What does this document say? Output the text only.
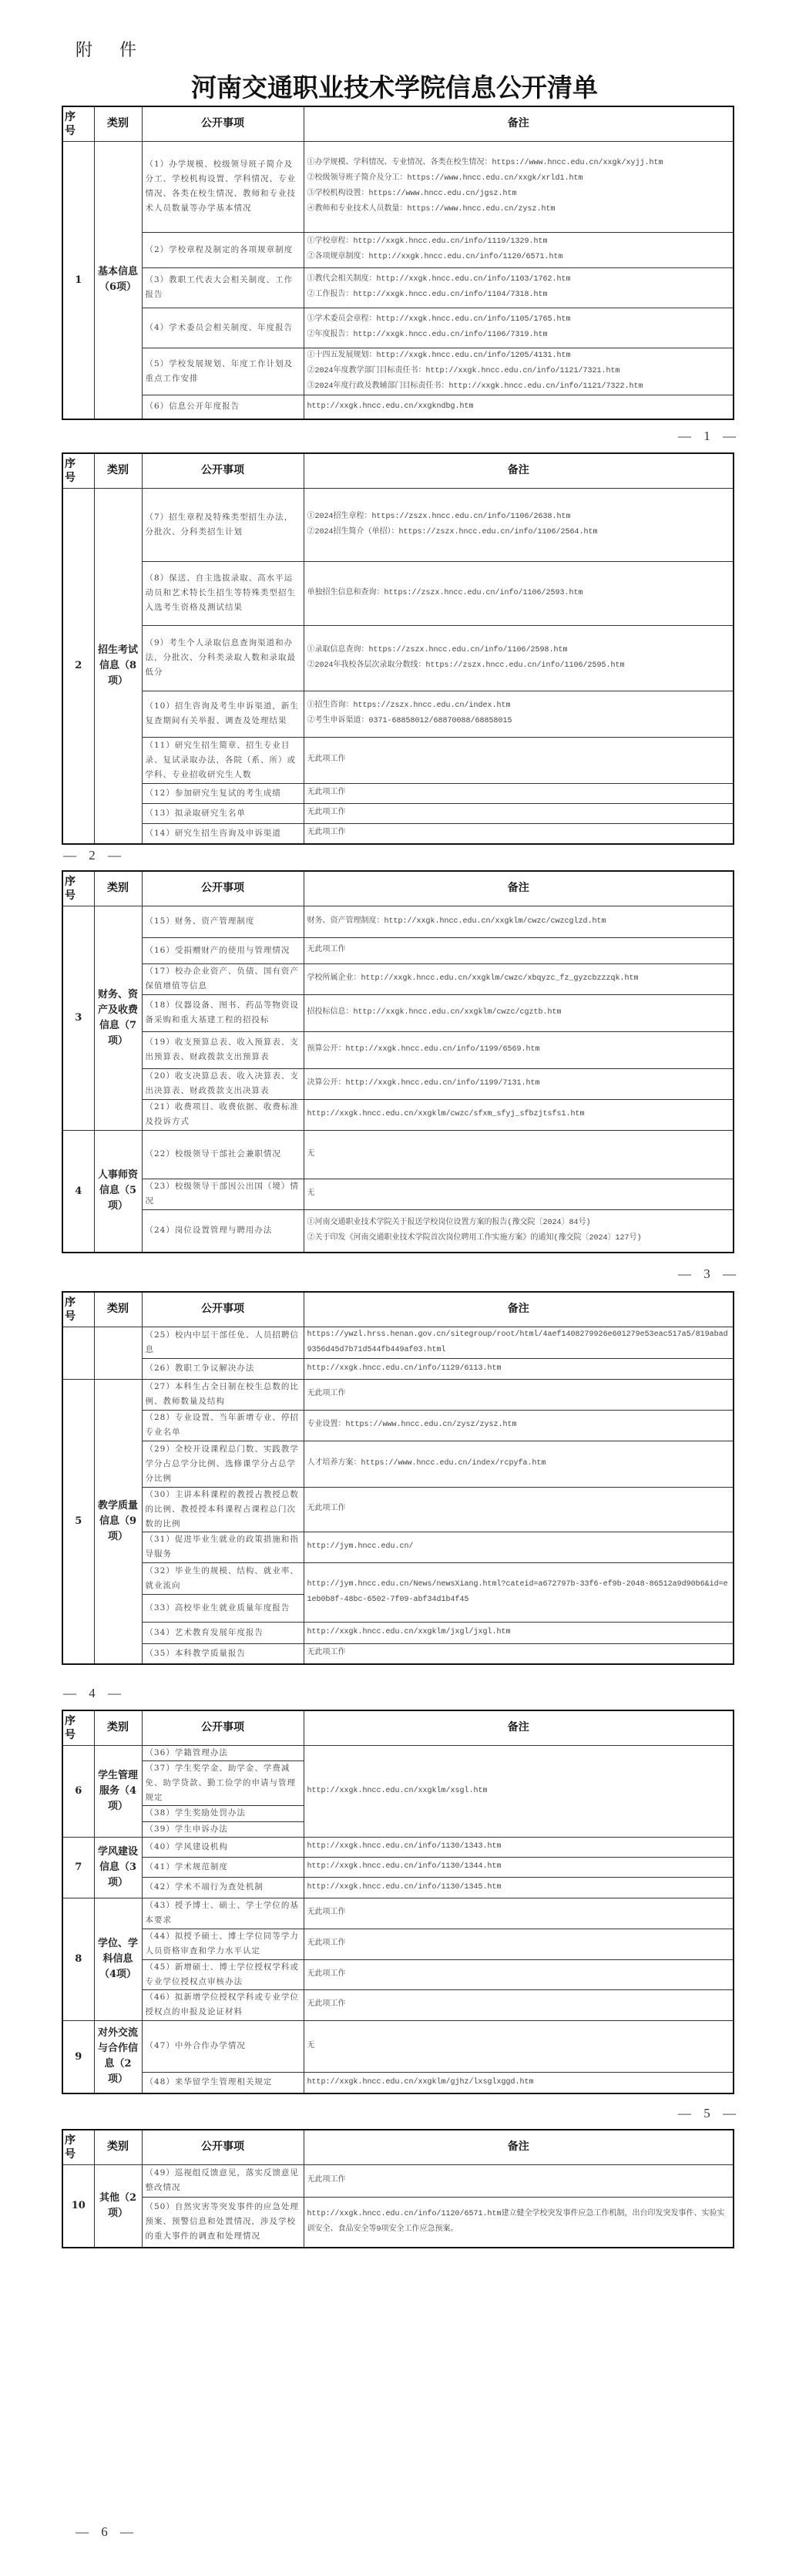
附 件
河南交通职业技术学院信息公开清单
序
号	类别	公开事项	备注
1	基本信息（6项）	（1）办学规模、校级领导班子简介及分工、学校机构设置、学科情况、专业情况、各类在校生情况、教师和专业技术人员数量等办学基本情况	①办学规模、学科情况、专业情况、各类在校生情况：https://www.hncc.edu.cn/xxgk/xyjj.htm
②校级领导班子简介及分工：https://www.hncc.edu.cn/xxgk/xrld1.htm
③学校机构设置：https://www.hncc.edu.cn/jgsz.htm
④教师和专业技术人员数量：https://www.hncc.edu.cn/zysz.htm

		（2）学校章程及制定的各项规章制度	①学校章程：http://xxgk.hncc.edu.cn/info/1119/1329.htm
②各项规章制度：http://xxgk.hncc.edu.cn/info/1120/6571.htm

		（3）教职工代表大会相关制度、工作报告	①教代会相关制度：http://xxgk.hncc.edu.cn/info/1103/1762.htm
②工作报告：http://xxgk.hncc.edu.cn/info/1104/7318.htm

		（4）学术委员会相关制度、年度报告	①学术委员会章程：http://xxgk.hncc.edu.cn/info/1105/1765.htm
②年度报告：http://xxgk.hncc.edu.cn/info/1106/7319.htm

		（5）学校发展规划、年度工作计划及重点工作安排	①十四五发展规划：http://xxgk.hncc.edu.cn/info/1205/4131.htm
②2024年度教学部门目标责任书：http://xxgk.hncc.edu.cn/info/1121/7321.htm
③2024年度行政及教辅部门目标责任书：http://xxgk.hncc.edu.cn/info/1121/7322.htm

		（6）信息公开年度报告	http://xxgk.hncc.edu.cn/xxgkndbg.htm
序
号	类别	公开事项	备注
2	招生考试信息（8项）	（7）招生章程及特殊类型招生办法，分批次、分科类招生计划	①2024招生章程：https://zszx.hncc.edu.cn/info/1106/2638.htm
②2024招生简介（单招）：https://zszx.hncc.edu.cn/info/1106/2564.htm

		（8）保送、自主选拔录取、高水平运动员和艺术特长生招生等特殊类型招生入选考生资格及测试结果	单独招生信息和查询：https://zszx.hncc.edu.cn/info/1106/2593.htm

		（9）考生个人录取信息查询渠道和办法，分批次、分科类录取人数和录取最低分	①录取信息查询：https://zszx.hncc.edu.cn/info/1106/2598.htm
②2024年我校各层次录取分数线：https://zszx.hncc.edu.cn/info/1106/2595.htm

		（10）招生咨询及考生申诉渠道，新生复查期间有关举报、调查及处理结果	①招生咨询：https://zszx.hncc.edu.cn/index.htm
②考生申诉渠道：0371-68858012/68870088/68858015

		（11）研究生招生简章、招生专业目录、复试录取办法，各院（系、所）或学科、专业招收研究生人数	无此项工作

		（12）参加研究生复试的考生成绩	无此项工作

		（13）拟录取研究生名单	无此项工作

		（14）研究生招生咨询及申诉渠道	无此项工作
序
号	类别	公开事项	备注
3	财务、资产及收费信息（7项）	（15）财务、资产管理制度	财务、资产管理制度：http://xxgk.hncc.edu.cn/xxgklm/cwzc/cwzcglzd.htm

		（16）受捐赠财产的使用与管理情况	无此项工作

		（17）校办企业资产、负债、国有资产保值增值等信息	学校所属企业：http://xxgk.hncc.edu.cn/xxgklm/cwzc/xbqyzc_fz_gyzcbzzzqk.htm

		（18）仪器设备、图书、药品等物资设备采购和重大基建工程的招投标	招投标信息：http://xxgk.hncc.edu.cn/xxgklm/cwzc/cgztb.htm

		（19）收支预算总表、收入预算表、支出预算表、财政拨款支出预算表	预算公开：http://xxgk.hncc.edu.cn/info/1199/6569.htm

		（20）收支决算总表、收入决算表、支出决算表、财政拨款支出决算表	决算公开：http://xxgk.hncc.edu.cn/info/1199/7131.htm

		（21）收费项目、收费依据、收费标准及投诉方式	http://xxgk.hncc.edu.cn/xxgklm/cwzc/sfxm_sfyj_sfbzjtsfs1.htm

4	人事师资信息（5项）	（22）校级领导干部社会兼职情况	无

		（23）校级领导干部因公出国（境）情况	无

		（24）岗位设置管理与聘用办法	①河南交通职业技术学院关于报送学校岗位设置方案的报告(豫交院〔2024〕84号)
②关于印发《河南交通职业技术学院首次岗位聘用工作实施方案》的通知(豫交院〔2024〕127号)
序
号	类别	公开事项	备注
		（25）校内中层干部任免、人员招聘信息	https://ywzl.hrss.henan.gov.cn/sitegroup/root/html/4aef1408279926e601279e53eac517a5/819abad9356d45d7b71d544fb449af03.html

		（26）教职工争议解决办法	http://xxgk.hncc.edu.cn/info/1129/6113.htm

5	教学质量信息（9项）	（27）本科生占全日制在校生总数的比例、教师数量及结构	无此项工作

		（28）专业设置、当年新增专业、停招专业名单	专业设置：https://www.hncc.edu.cn/zysz/zysz.htm

		（29）全校开设课程总门数、实践教学学分占总学分比例、选修课学分占总学分比例	人才培养方案：https://www.hncc.edu.cn/index/rcpyfa.htm

		（30）主讲本科课程的教授占教授总数的比例、教授授本科课程占课程总门次数的比例	无此项工作

		（31）促进毕业生就业的政策措施和指导服务	http://jym.hncc.edu.cn/

		（32）毕业生的规模、结构、就业率、就业流向	http://jym.hncc.edu.cn/News/newsXiang.html?cateid=a672797b-33f6-ef9b-2048-86512a9d90b6&id=e1eb0b8f-48bc-6502-7f09-abf34d1b4f45

		（33）高校毕业生就业质量年度报告	
		（34）艺术教育发展年度报告	http://xxgk.hncc.edu.cn/xxgklm/jxgl/jxgl.htm

		（35）本科教学质量报告	无此项工作
序
号	类别	公开事项	备注
6	学生管理服务（4项）	（36）学籍管理办法	http://xxgk.hncc.edu.cn/xxgklm/xsgl.htm

		（37）学生奖学金、助学金、学费减免、助学贷款、勤工俭学的申请与管理规定	
		（38）学生奖励处罚办法	
		（39）学生申诉办法	
7	学风建设信息（3项）	（40）学风建设机构	http://xxgk.hncc.edu.cn/info/1130/1343.htm

		（41）学术规范制度	http://xxgk.hncc.edu.cn/info/1130/1344.htm

		（42）学术不端行为查处机制	http://xxgk.hncc.edu.cn/info/1130/1345.htm

8	学位、学科信息（4项）	（43）授予博士、硕士、学士学位的基本要求	无此项工作

		（44）拟授予硕士、博士学位同等学力人员资格审查和学力水平认定	无此项工作

		（45）新增硕士、博士学位授权学科或专业学位授权点审核办法	无此项工作

		（46）拟新增学位授权学科或专业学位授权点的申报及论证材料	无此项工作

9	对外交流与合作信息（2项）	（47）中外合作办学情况	无

		（48）来华留学生管理相关规定	http://xxgk.hncc.edu.cn/xxgklm/gjhz/lxsglxggd.htm
序
号	类别	公开事项	备注
10	其他（2项）	（49）巡视组反馈意见，落实反馈意见整改情况	无此项工作

		（50）自然灾害等突发事件的应急处理预案、预警信息和处置情况，涉及学校的重大事件的调查和处理情况	http://xxgk.hncc.edu.cn/info/1120/6571.htm建立健全学校突发事件应急工作机制，出台印发突发事件、实验实训安全、食品安全等9项安全工作应急预案。
— 1 —
— 2 —
— 3 —
— 4 —
— 5 —
— 6 —
